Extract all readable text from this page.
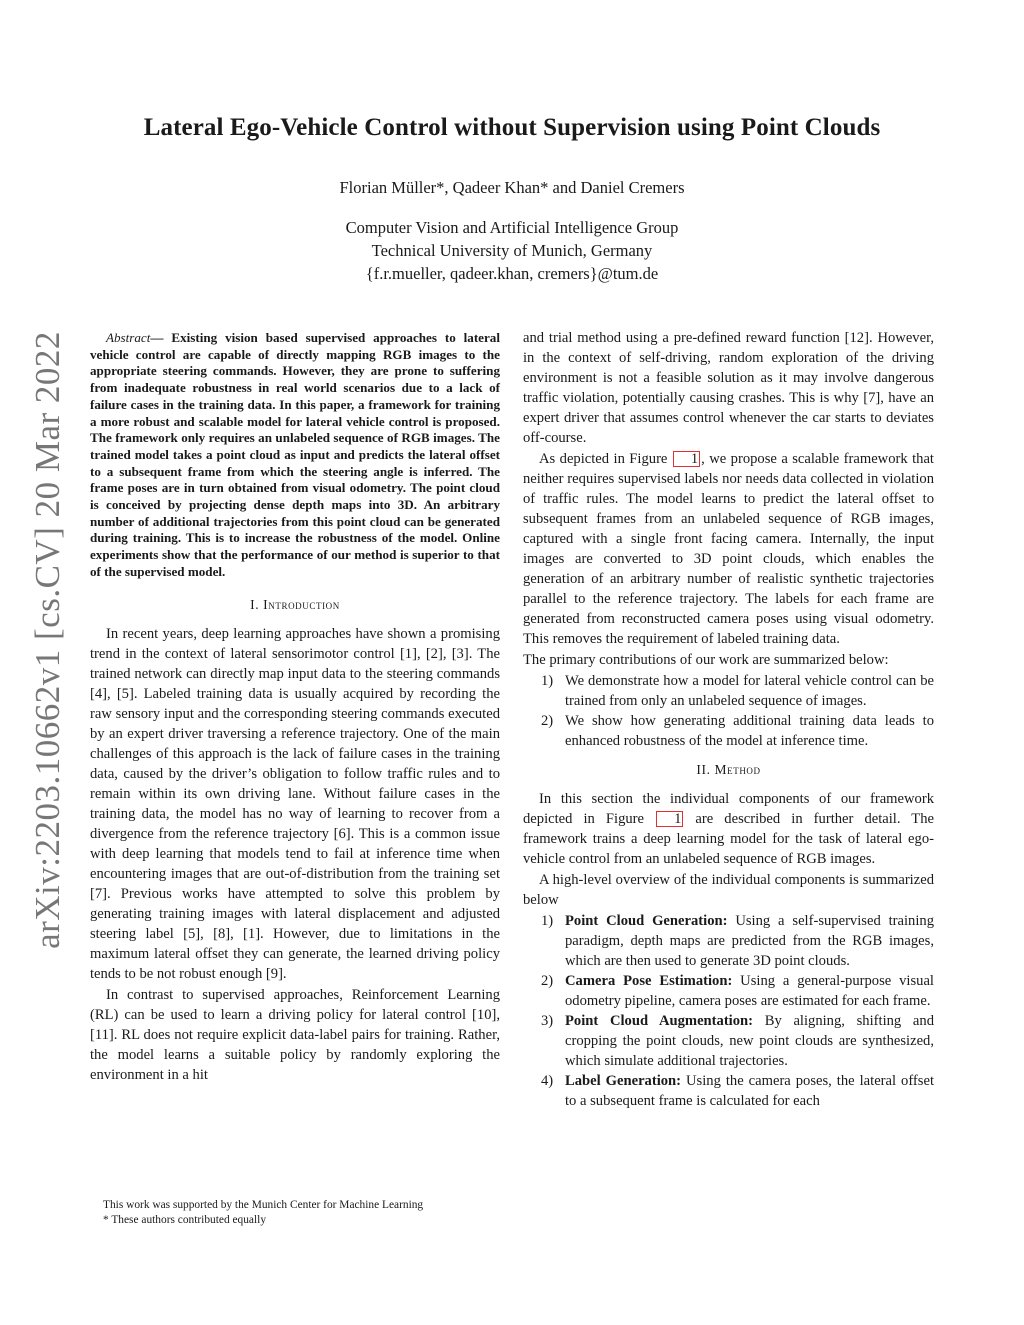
Lateral Ego-Vehicle Control without Supervision using Point Clouds
Florian Müller*, Qadeer Khan* and Daniel Cremers
Computer Vision and Artificial Intelligence Group
Technical University of Munich, Germany
{f.r.mueller, qadeer.khan, cremers}@tum.de
arXiv:2203.10662v1 [cs.CV] 20 Mar 2022	Abstract— Existing vision based supervised approaches to lateral vehicle control are capable of directly mapping RGB images to the appropriate steering commands. However, they are prone to suffering from inadequate robustness in real world scenarios due to a lack of failure cases in the training data. In this paper, a framework for training a more robust and scalable model for lateral vehicle control is proposed. The framework only requires an unlabeled sequence of RGB images. The trained model takes a point cloud as input and predicts the lateral offset to a subsequent frame from which the steering angle is inferred. The frame poses are in turn obtained from visual odometry. The point cloud is conceived by projecting dense depth maps into 3D. An arbitrary number of additional trajectories from this point cloud can be generated during training. This is to increase the robustness of the model. Online experiments show that the performance of our method is superior to that of the supervised model.
I. Introduction

In recent years, deep learning approaches have shown a promising trend in the context of lateral sensorimotor control [1], [2], [3]. The trained network can directly map input data to the steering commands [4], [5]. Labeled training data is usually acquired by recording the raw sensory input and the corresponding steering commands executed by an expert driver traversing a reference trajectory. One of the main challenges of this approach is the lack of failure cases in the training data, caused by the driver’s obligation to follow traffic rules and to remain within its own driving lane. Without failure cases in the training data, the model has no way of learning to recover from a divergence from the reference trajectory [6]. This is a common issue with deep learning that models tend to fail at inference time when encountering images that are out-of-distribution from the training set [7]. Previous works have attempted to solve this problem by generating training images with lateral displacement and adjusted steering label [5], [8], [1]. However, due to limitations in the maximum lateral offset they can generate, the learned driving policy tends to be not robust enough [9].

In contrast to supervised approaches, Reinforcement Learning (RL) can be used to learn a driving policy for lateral control [10], [11]. RL does not require explicit data-label pairs for training. Rather, the model learns a suitable policy by randomly exploring the environment in a hit

and trial method using a pre-defined reward function [12]. However, in the context of self-driving, random exploration of the driving environment is not a feasible solution as it may involve dangerous traffic violation, potentially causing crashes. This is why [7], have an expert driver that assumes control whenever the car starts to deviates off-course.

As depicted in Figure 1 , we propose a scalable framework that neither requires supervised labels nor needs data collected in violation of traffic rules. The model learns to predict the lateral offset to subsequent frames from an unlabeled sequence of RGB images, captured with a single front facing camera. Internally, the input images are converted to 3D point clouds, which enables the generation of an arbitrary number of realistic synthetic trajectories parallel to the reference trajectory. The labels for each frame are generated from reconstructed camera poses using visual odometry. This removes the requirement of labeled training data.

The primary contributions of our work are summarized below:

1) We demonstrate how a model for lateral vehicle control can be trained from only an unlabeled sequence of images.
2) We show how generating additional training data leads to enhanced robustness of the model at inference time.
II. Method

In this section the individual components of our framework depicted in Figure 1 are described in further detail. The framework trains a deep learning model for the task of lateral ego-vehicle control from an unlabeled sequence of RGB images.

A high-level overview of the individual components is summarized below

1) Point Cloud Generation: Using a self-supervised training paradigm, depth maps are predicted from the RGB images, which are then used to generate 3D point clouds.
2) Camera Pose Estimation: Using a general-purpose visual odometry pipeline, camera poses are estimated for each frame.
3) Point Cloud Augmentation: By aligning, shifting and cropping the point clouds, new point clouds are synthesized, which simulate additional trajectories.
4) Label Generation: Using the camera poses, the lateral offset to a subsequent frame is calculated for each
This work was supported by the Munich Center for Machine Learning
* These authors contributed equally
